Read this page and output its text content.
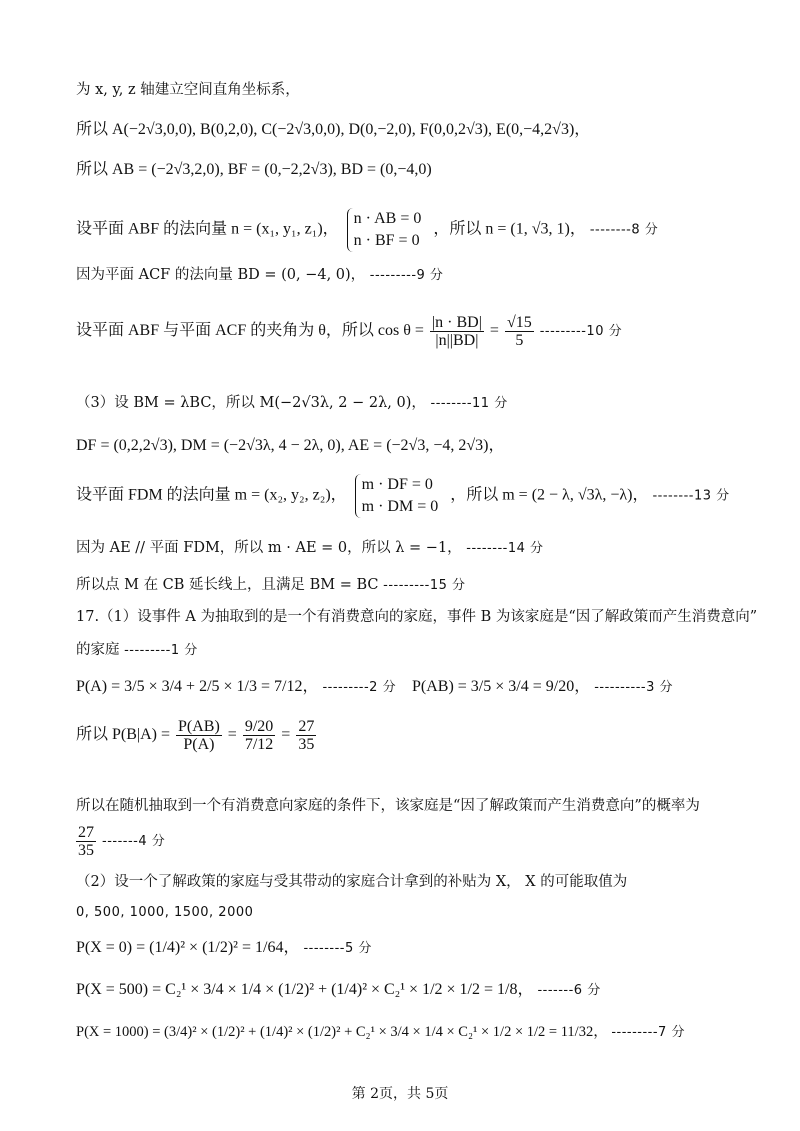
为 x, y, z 轴建立空间直角坐标系，
所以 A(−2√3,0,0), B(0,2,0), C(−2√3,0,0), D(0,−2,0), F(0,0,2√3), E(0,−4,2√3)，
所以 AB = (−2√3,2,0), BF = (0,−2,2√3), BD = (0,−4,0)
设平面 ABF 的法向量 n = (x₁, y₁, z₁)，
n · AB = 0
n · BF = 0
，所以 n = (1, √3, 1)， --------8 分
因为平面 ACF 的法向量 BD = (0, −4, 0)， ---------9 分
设平面 ABF 与平面 ACF 的夹角为 θ，所以 $\cos \theta = \frac{|n \cdot BD|}{|n||BD|} = \frac{√15}{5} ---------10$ 分
（3）设 BM = λBC，所以 M(−2√3λ, 2 − 2λ, 0)， --------11 分
DF = (0,2,2√3), DM = (−2√3λ, 4 − 2λ, 0), AE = (−2√3, −4, 2√3)，
设平面 FDM 的法向量 m = (x₂, y₂, z₂)，
m · DF = 0
m · DM = 0
，所以 m = (2 − λ, √3λ, −λ)， --------13 分
因为 AE // 平面 FDM，所以 m · AE = 0，所以 λ = −1， --------14 分
所以点 M 在 CB 延长线上，且满足 BM = BC ---------15 分
17.（1）设事件 A 为抽取到的是一个有消费意向的家庭，事件 B 为该家庭是“因了解政策而产生消费意向”
的家庭 ---------1 分
P(A) = 3/5 × 3/4 + 2/5 × 1/3 = 7/12， ---------2 分 P(AB) = 3/5 × 3/4 = 9/20， ----------3 分
所以 $P(B|A) = \frac{P(AB)}{P(A)} = \frac{9/20}{7/12} = \frac{27}{35}$
所以在随机抽取到一个有消费意向家庭的条件下，该家庭是“因了解政策而产生消费意向”的概率为
$\frac{27}{35} -------4$ 分
（2）设一个了解政策的家庭与受其带动的家庭合计拿到的补贴为 X， X 的可能取值为
0, 500, 1000, 1500, 2000
P(X = 0) = (1/4)² × (1/2)² = 1/64， --------5 分
P(X = 500) = C₂¹ × 3/4 × 1/4 × (1/2)² + (1/4)² × C₂¹ × 1/2 × 1/2 = 1/8， -------6 分
P(X = 1000) = (3/4)² × (1/2)² + (1/4)² × (1/2)² + C₂¹ × 3/4 × 1/4 × C₂¹ × 1/2 × 1/2 = 11/32， ---------7 分
第 2页，共 5页
